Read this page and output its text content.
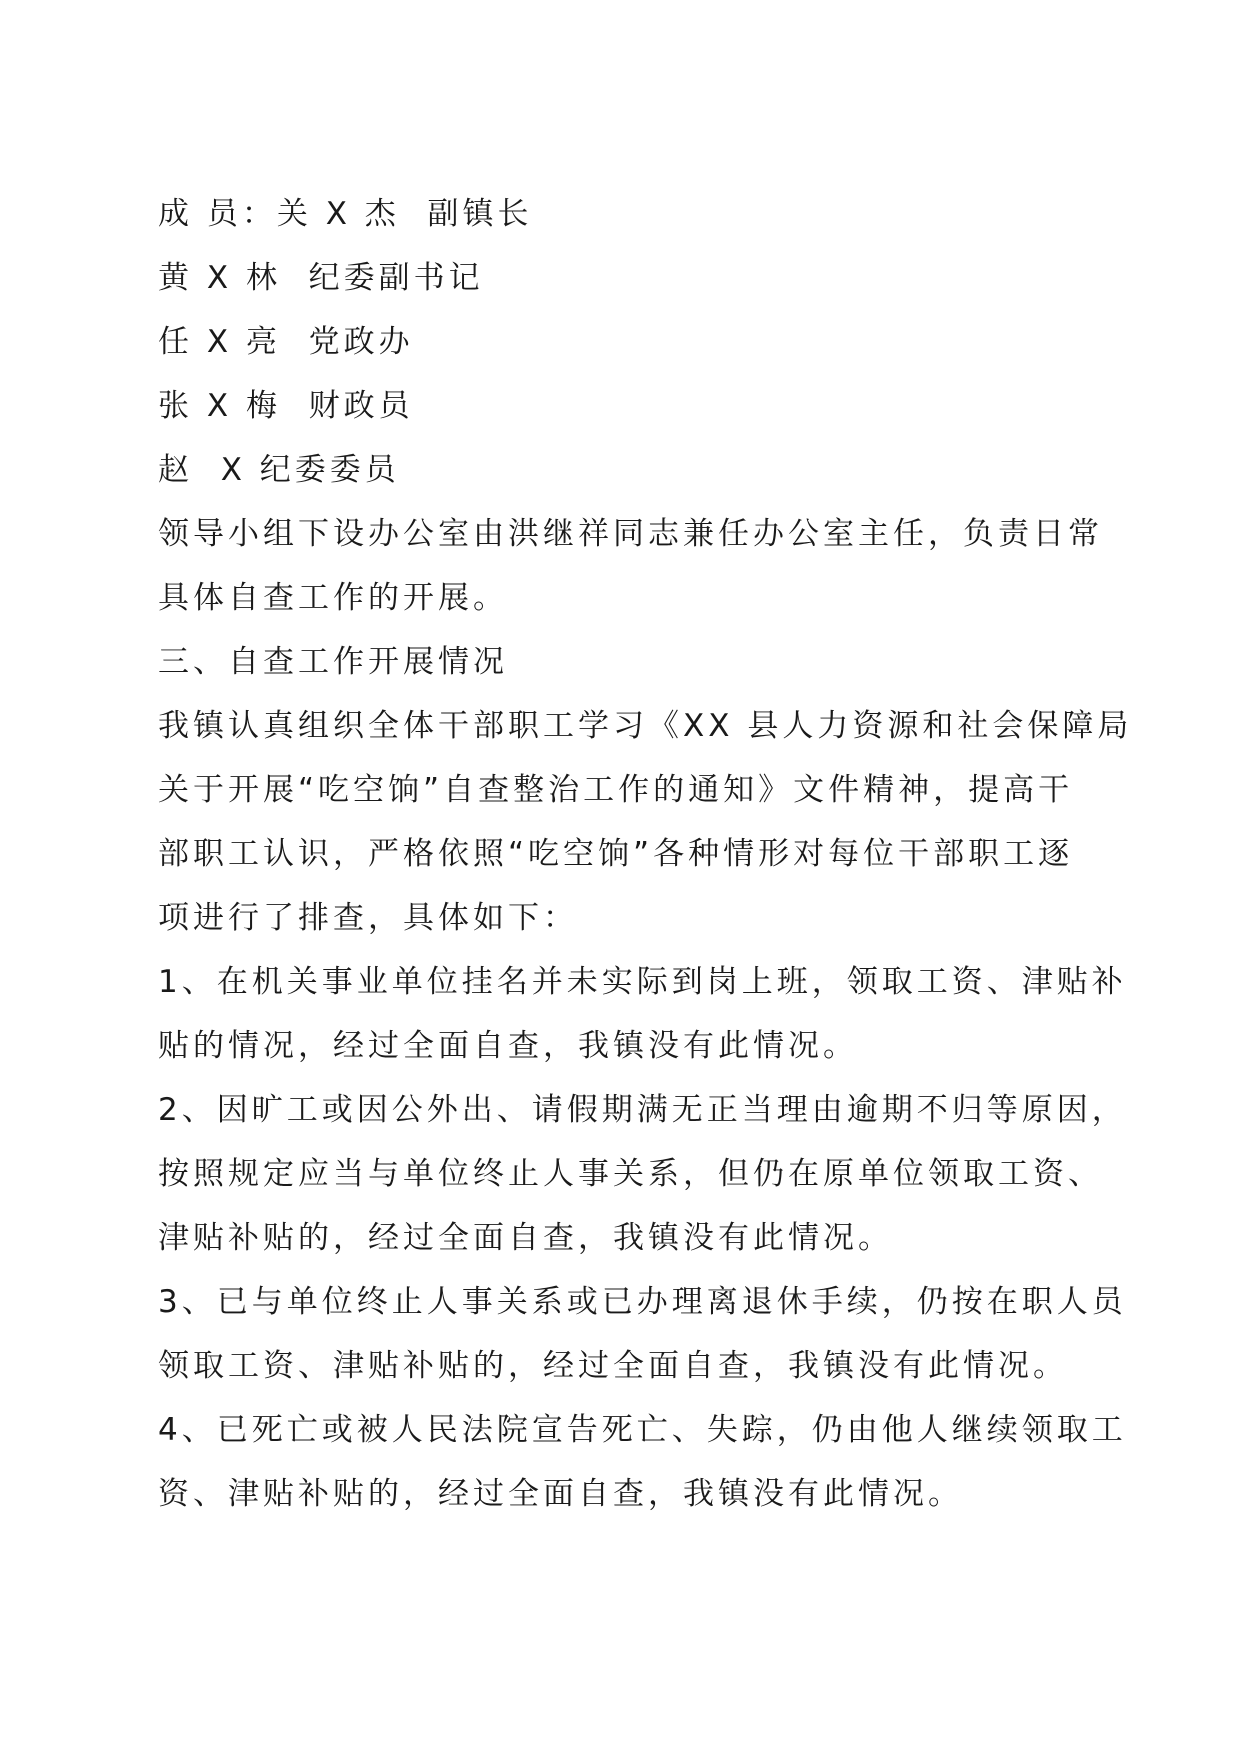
成 员：关 X 杰  副镇长
黄 X 林  纪委副书记
任 X 亮  党政办
张 X 梅  财政员
赵  X 纪委委员
领导小组下设办公室由洪继祥同志兼任办公室主任，负责日常
具体自查工作的开展。
三、自查工作开展情况
我镇认真组织全体干部职工学习《XX 县人力资源和社会保障局
关于开展“吃空饷”自查整治工作的通知》文件精神，提高干
部职工认识，严格依照“吃空饷”各种情形对每位干部职工逐
项进行了排查，具体如下：
1、在机关事业单位挂名并未实际到岗上班，领取工资、津贴补
贴的情况，经过全面自查，我镇没有此情况。
2、因旷工或因公外出、请假期满无正当理由逾期不归等原因，
按照规定应当与单位终止人事关系，但仍在原单位领取工资、
津贴补贴的，经过全面自查，我镇没有此情况。
3、已与单位终止人事关系或已办理离退休手续，仍按在职人员
领取工资、津贴补贴的，经过全面自查，我镇没有此情况。
4、已死亡或被人民法院宣告死亡、失踪，仍由他人继续领取工
资、津贴补贴的，经过全面自查，我镇没有此情况。
